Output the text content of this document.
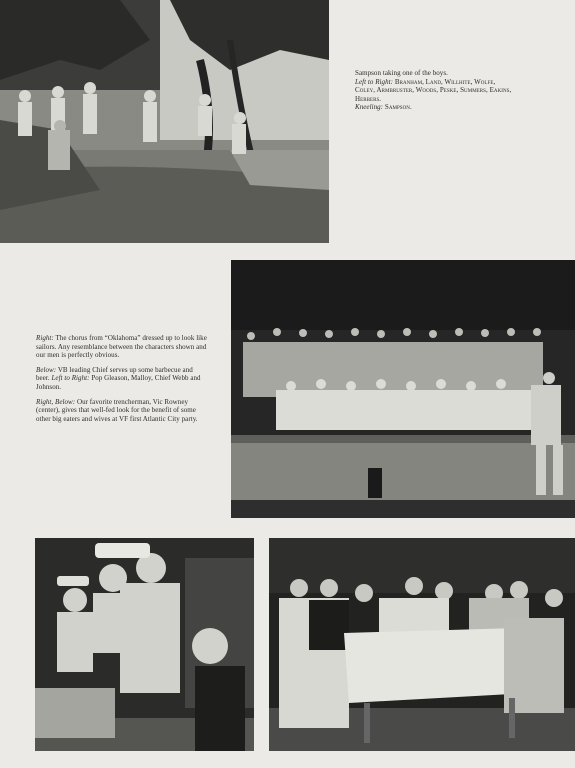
Sampson taking one of the boys.
Left to Right: Branham, Land, Willhite, Wolfe, Coley, Armbruster, Woods, Peske, Summers, Eakins, Herbers.
Kneeling: Sampson.

Right: The chorus from “Oklahoma” dressed up to look like sailors. Any resemblance between the characters shown and our men is perfectly obvious.

Below: VB leading Chief serves up some barbecue and beer. Left to Right: Pop Gleason, Malloy, Chief Webb and Johnson.

Right, Below: Our favorite trencherman, Vic Rowney (center), gives that well-fed look for the benefit of some other big eaters and wives at VF first Atlantic City party.
